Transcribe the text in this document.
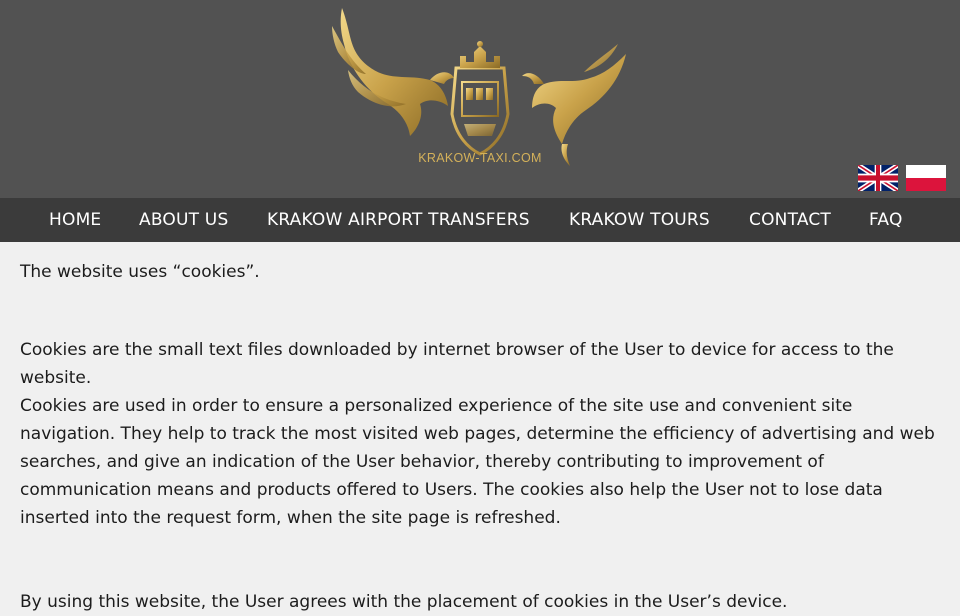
KRAKOW-TAXI.COM
HOME ABOUT US KRAKOW AIRPORT TRANSFERS KRAKOW TOURS CONTACT FAQ

The website uses “cookies”.

Cookies are the small text files downloaded by internet browser of the User to device for access to the website.

Cookies are used in order to ensure a personalized experience of the site use and convenient site navigation. They help to track the most visited web pages, determine the efficiency of advertising and web searches, and give an indication of the User behavior, thereby contributing to improvement of communication means and products offered to Users. The cookies also help the User not to lose data inserted into the request form, when the site page is refreshed.

By using this website, the User agrees with the placement of cookies in the User’s device.
